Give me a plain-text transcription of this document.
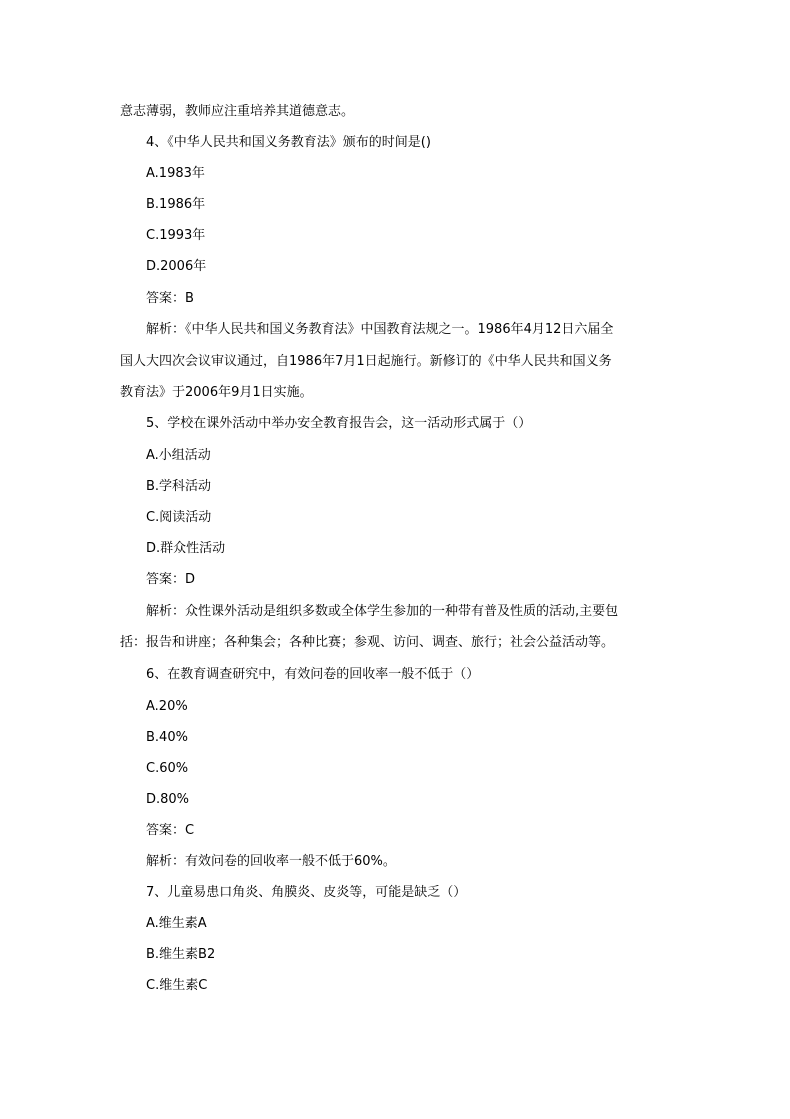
意志薄弱，教师应注重培养其道德意志。
4、《中华人民共和国义务教育法》颁布的时间是()
A.1983年
B.1986年
C.1993年
D.2006年
答案：B
解析：《中华人民共和国义务教育法》中国教育法规之一。1986年4月12日六届全
国人大四次会议审议通过，自1986年7月1日起施行。新修订的《中华人民共和国义务
教育法》于2006年9月1日实施。
5、学校在课外活动中举办安全教育报告会，这一活动形式属于（）
A.小组活动
B.学科活动
C.阅读活动
D.群众性活动
答案：D
解析：众性课外活动是组织多数或全体学生参加的一种带有普及性质的活动,主要包
括：报告和讲座；各种集会；各种比赛；参观、访问、调查、旅行；社会公益活动等。
6、在教育调查研究中，有效问卷的回收率一般不低于（）
A.20%
B.40%
C.60%
D.80%
答案：C
解析：有效问卷的回收率一般不低于60%。
7、儿童易患口角炎、角膜炎、皮炎等，可能是缺乏（）
A.维生素A
B.维生素B2
C.维生素C
